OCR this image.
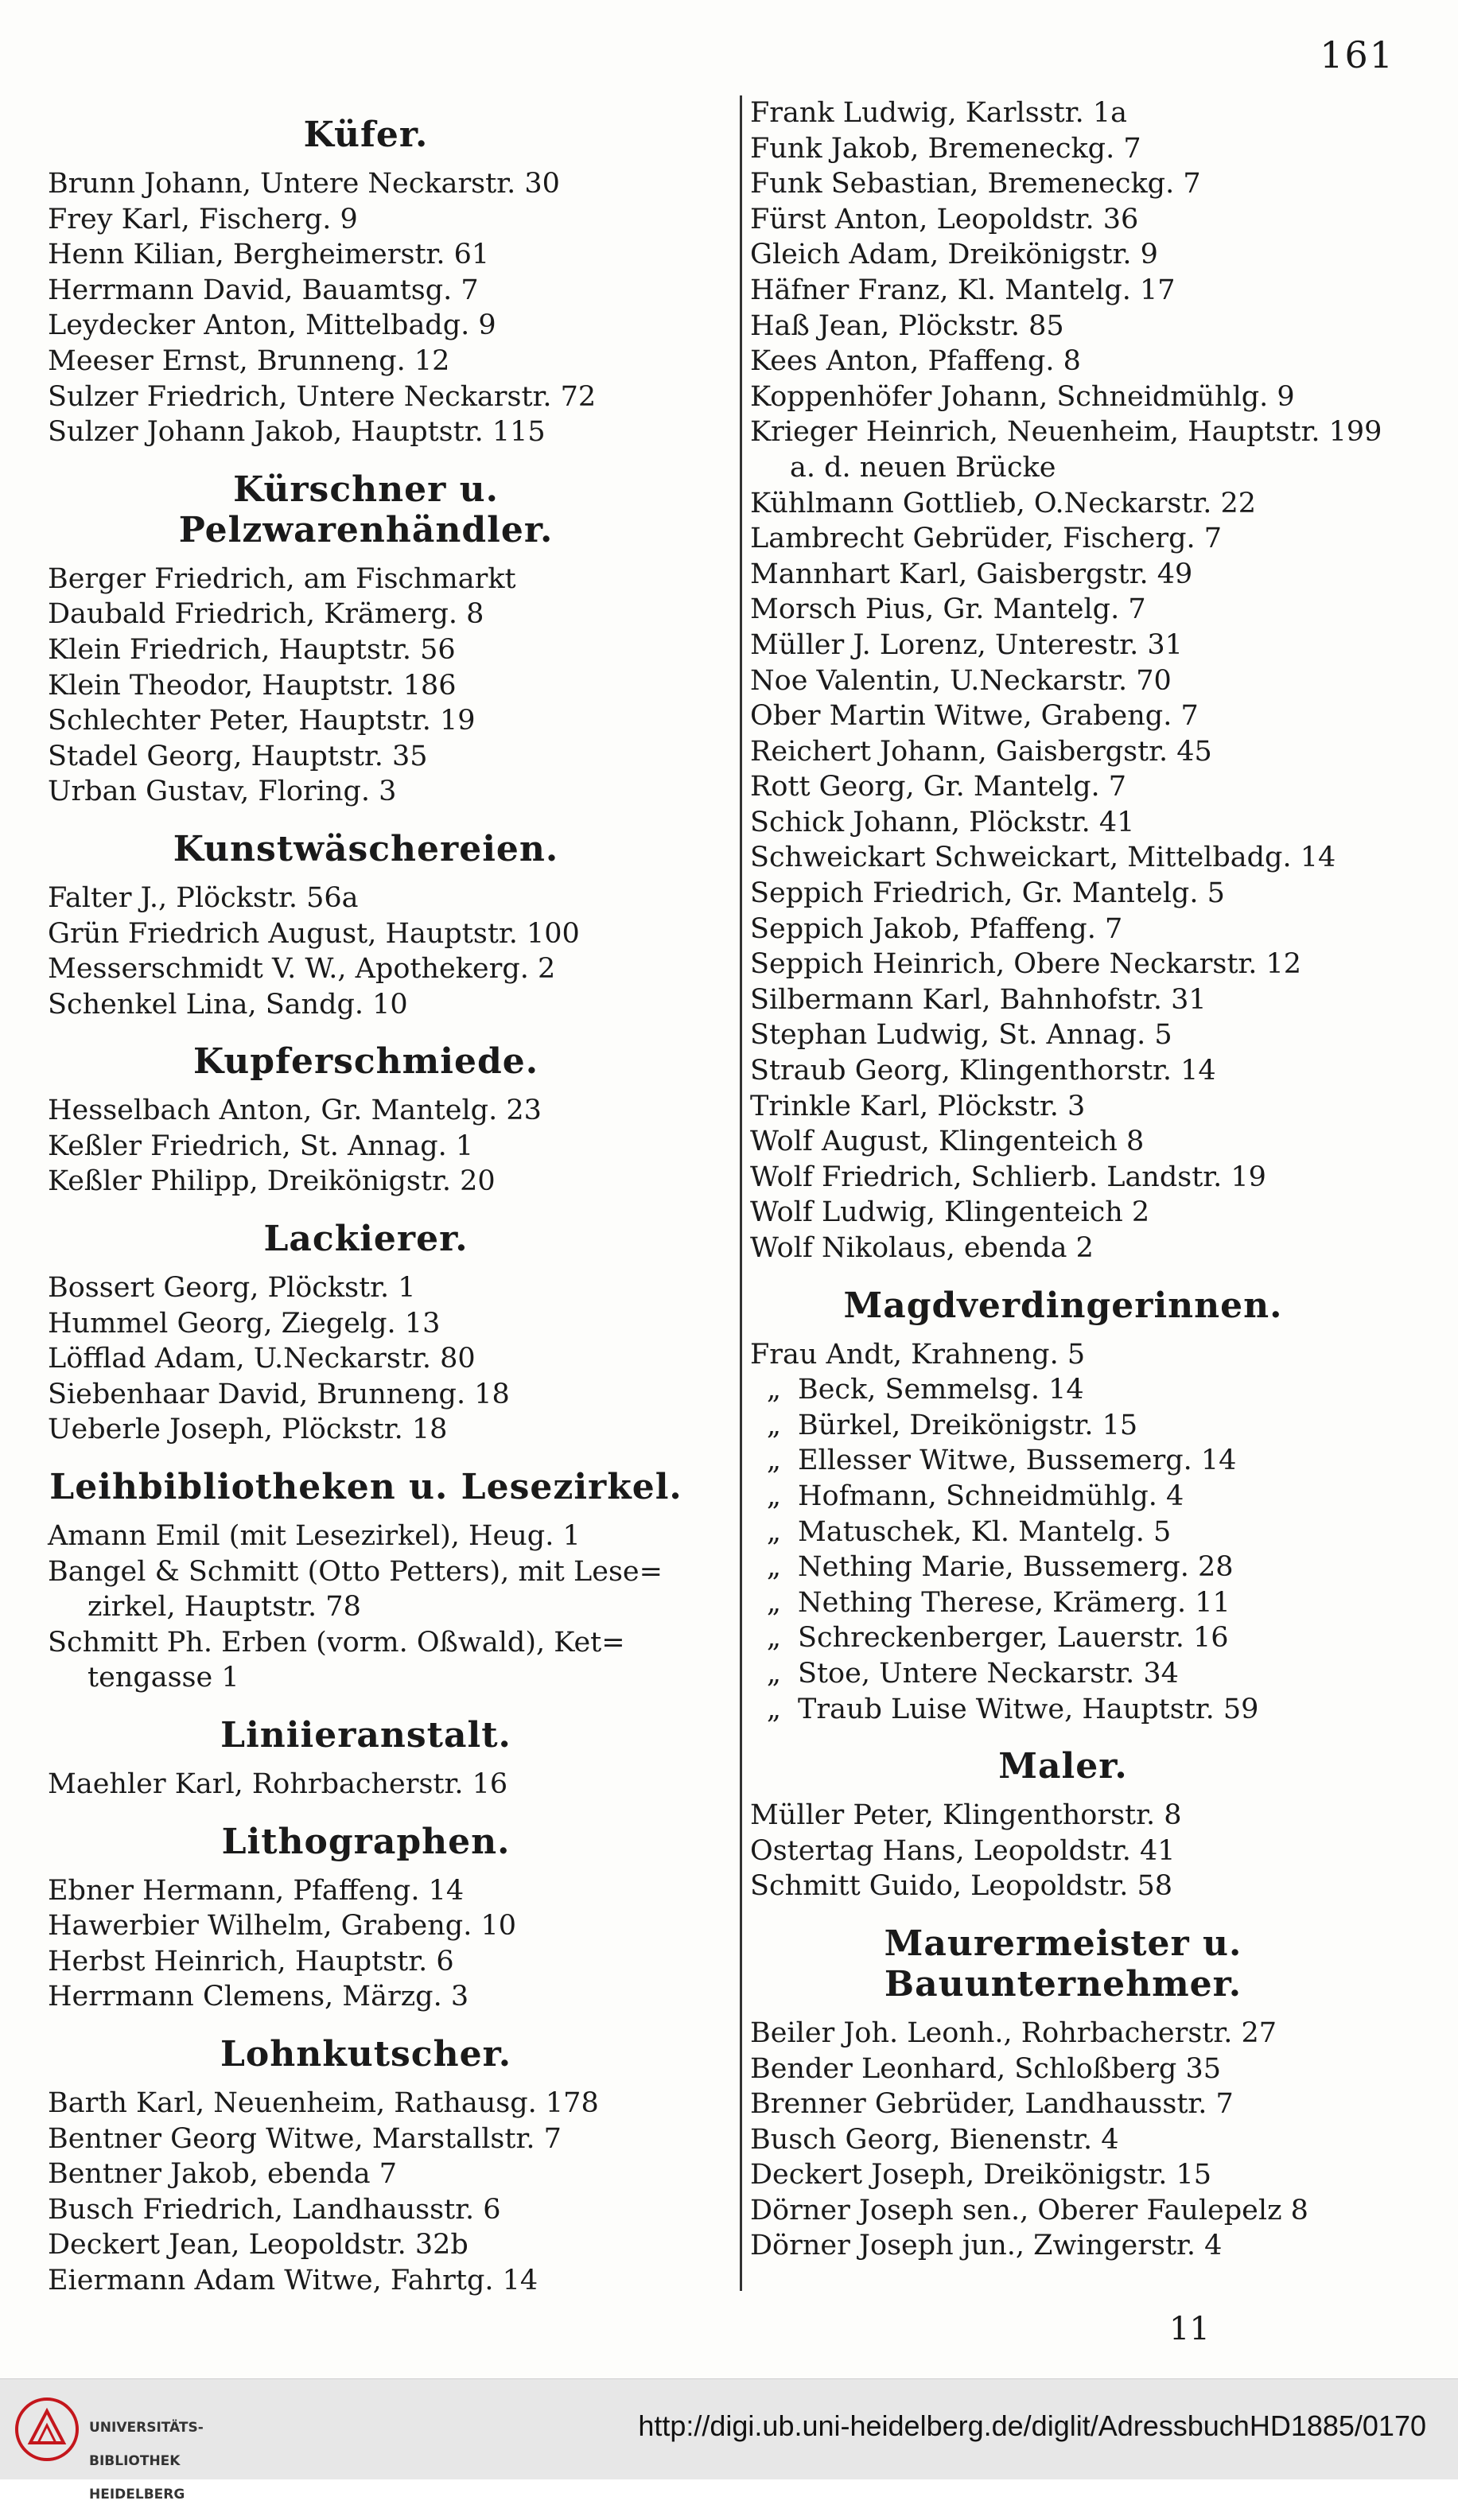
161
Küfer.
Brunn Johann, Untere Neckarstr. 30
Frey Karl, Fischerg. 9
Henn Kilian, Bergheimerstr. 61
Herrmann David, Bauamtsg. 7
Leydecker Anton, Mittelbadg. 9
Meeser Ernst, Brunneng. 12
Sulzer Friedrich, Untere Neckarstr. 72
Sulzer Johann Jakob, Hauptstr. 115
Kürschner u. Pelzwarenhändler.
Berger Friedrich, am Fischmarkt
Daubald Friedrich, Krämerg. 8
Klein Friedrich, Hauptstr. 56
Klein Theodor, Hauptstr. 186
Schlechter Peter, Hauptstr. 19
Stadel Georg, Hauptstr. 35
Urban Gustav, Floring. 3
Kunstwäschereien.
Falter J., Plöckstr. 56a
Grün Friedrich August, Hauptstr. 100
Messerschmidt V. W., Apothekerg. 2
Schenkel Lina, Sandg. 10
Kupferschmiede.
Hesselbach Anton, Gr. Mantelg. 23
Keßler Friedrich, St. Annag. 1
Keßler Philipp, Dreikönigstr. 20
Lackierer.
Bossert Georg, Plöckstr. 1
Hummel Georg, Ziegelg. 13
Löfflad Adam, U.Neckarstr. 80
Siebenhaar David, Brunneng. 18
Ueberle Joseph, Plöckstr. 18
Leihbibliotheken u. Lesezirkel.
Amann Emil (mit Lesezirkel), Heug. 1
Bangel & Schmitt (Otto Petters), mit Lese=
zirkel, Hauptstr. 78
Schmitt Ph. Erben (vorm. Oßwald), Ket=
tengasse 1
Liniieranstalt.
Maehler Karl, Rohrbacherstr. 16
Lithographen.
Ebner Hermann, Pfaffeng. 14
Hawerbier Wilhelm, Grabeng. 10
Herbst Heinrich, Hauptstr. 6
Herrmann Clemens, Märzg. 3
Lohnkutscher.
Barth Karl, Neuenheim, Rathausg. 178
Bentner Georg Witwe, Marstallstr. 7
Bentner Jakob, ebenda 7
Busch Friedrich, Landhausstr. 6
Deckert Jean, Leopoldstr. 32b
Eiermann Adam Witwe, Fahrtg. 14
Frank Ludwig, Karlsstr. 1a
Funk Jakob, Bremeneckg. 7
Funk Sebastian, Bremeneckg. 7
Fürst Anton, Leopoldstr. 36
Gleich Adam, Dreikönigstr. 9
Häfner Franz, Kl. Mantelg. 17
Haß Jean, Plöckstr. 85
Kees Anton, Pfaffeng. 8
Koppenhöfer Johann, Schneidmühlg. 9
Krieger Heinrich, Neuenheim, Hauptstr. 199
a. d. neuen Brücke
Kühlmann Gottlieb, O.Neckarstr. 22
Lambrecht Gebrüder, Fischerg. 7
Mannhart Karl, Gaisbergstr. 49
Morsch Pius, Gr. Mantelg. 7
Müller J. Lorenz, Unterestr. 31
Noe Valentin, U.Neckarstr. 70
Ober Martin Witwe, Grabeng. 7
Reichert Johann, Gaisbergstr. 45
Rott Georg, Gr. Mantelg. 7
Schick Johann, Plöckstr. 41
Schweickart Schweickart, Mittelbadg. 14
Seppich Friedrich, Gr. Mantelg. 5
Seppich Jakob, Pfaffeng. 7
Seppich Heinrich, Obere Neckarstr. 12
Silbermann Karl, Bahnhofstr. 31
Stephan Ludwig, St. Annag. 5
Straub Georg, Klingenthorstr. 14
Trinkle Karl, Plöckstr. 3
Wolf August, Klingenteich 8
Wolf Friedrich, Schlierb. Landstr. 19
Wolf Ludwig, Klingenteich 2
Wolf Nikolaus, ebenda 2
Magdverdingerinnen.
Frau Andt, Krahneng. 5
„ Beck, Semmelsg. 14
„ Bürkel, Dreikönigstr. 15
„ Ellesser Witwe, Bussemerg. 14
„ Hofmann, Schneidmühlg. 4
„ Matuschek, Kl. Mantelg. 5
„ Nething Marie, Bussemerg. 28
„ Nething Therese, Krämerg. 11
„ Schreckenberger, Lauerstr. 16
„ Stoe, Untere Neckarstr. 34
„ Traub Luise Witwe, Hauptstr. 59
Maler.
Müller Peter, Klingenthorstr. 8
Ostertag Hans, Leopoldstr. 41
Schmitt Guido, Leopoldstr. 58
Maurermeister u. Bauunternehmer.
Beiler Joh. Leonh., Rohrbacherstr. 27
Bender Leonhard, Schloßberg 35
Brenner Gebrüder, Landhausstr. 7
Busch Georg, Bienenstr. 4
Deckert Joseph, Dreikönigstr. 15
Dörner Joseph sen., Oberer Faulepelz 8
Dörner Joseph jun., Zwingerstr. 4
11

UNIVERSITÄTS-

BIBLIOTHEK

HEIDELBERG

http://digi.ub.uni-heidelberg.de/diglit/AdressbuchHD1885/0170
